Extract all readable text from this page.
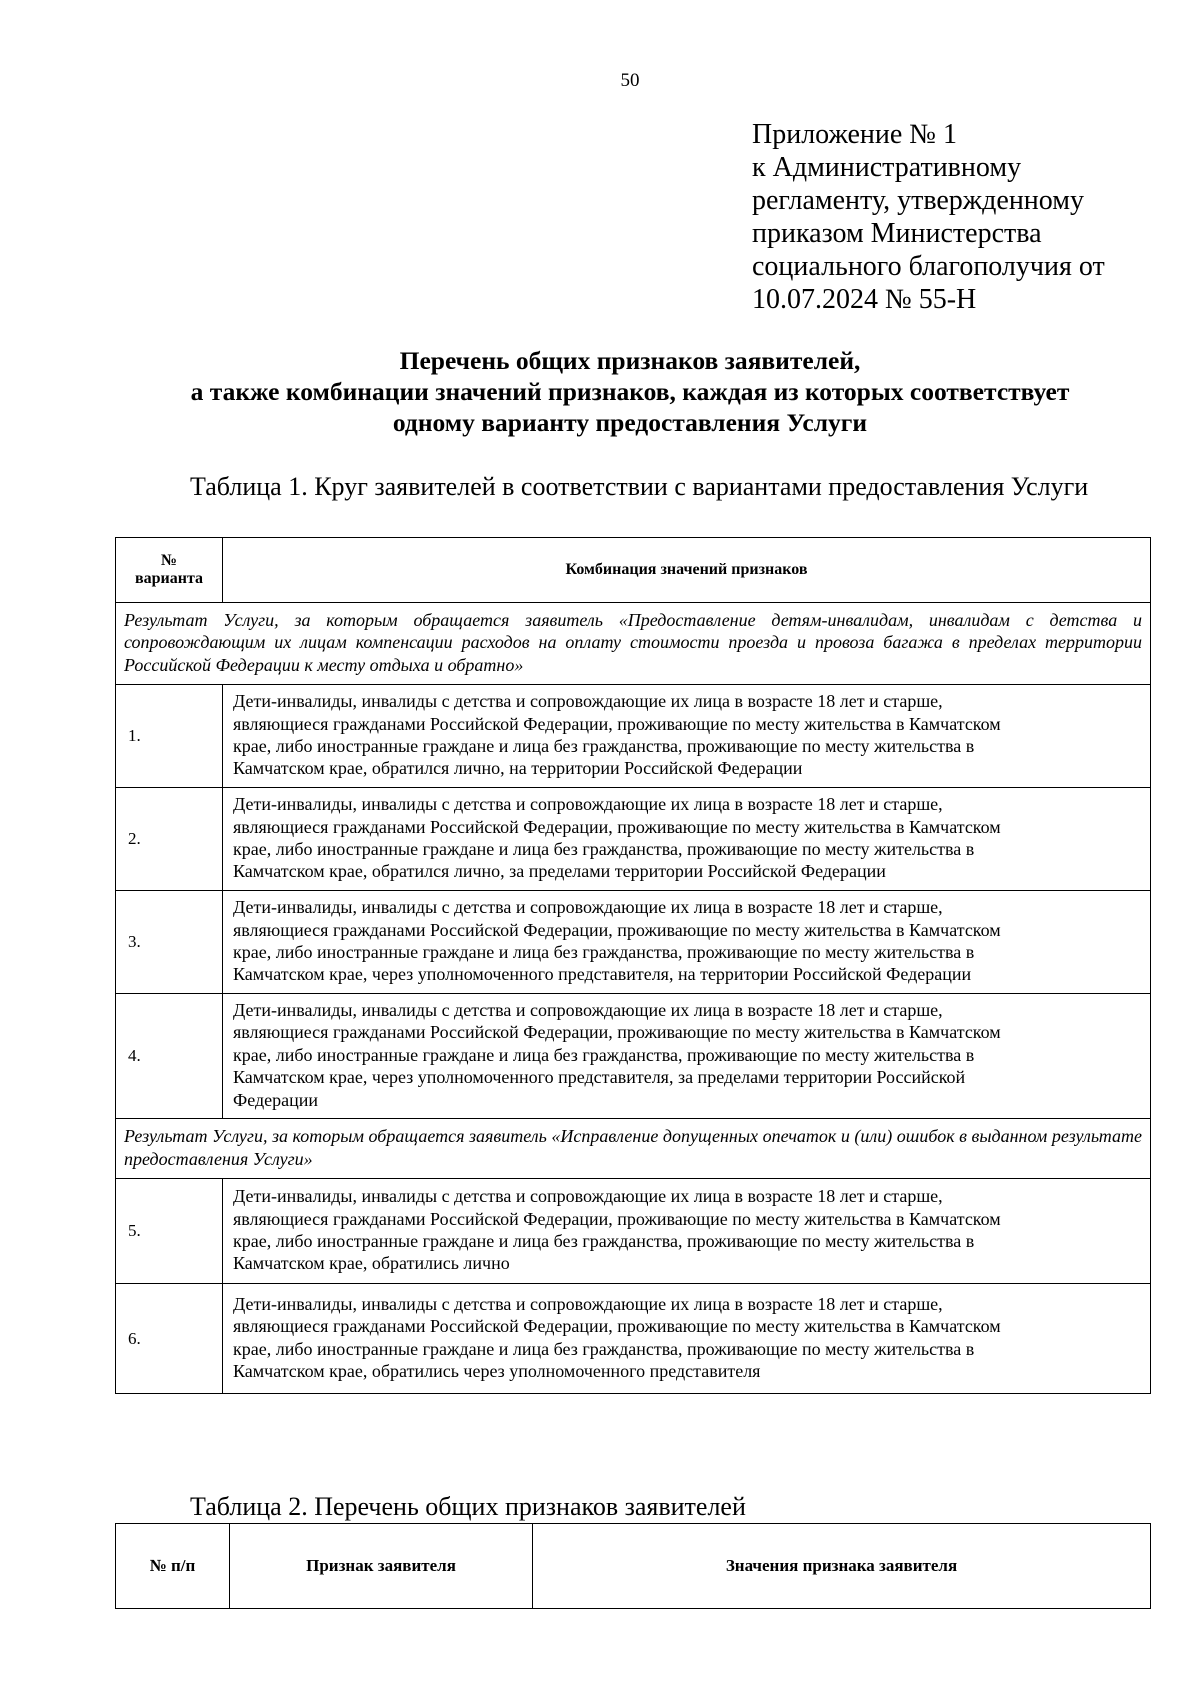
50
Приложение № 1
к Административному
регламенту, утвержденному
приказом Министерства
социального благополучия от
10.07.2024 № 55-Н
Перечень общих признаков заявителей,
а также комбинации значений признаков, каждая из которых соответствует
одному варианту предоставления Услуги
Таблица 1. Круг заявителей в соответствии с вариантами предоставления Услуги
№
варианта	Комбинация значений признаков
Результат Услуги, за которым обращается заявитель «Предоставление детям-инвалидам, инвалидам с детства и сопровождающим их лицам компенсации расходов на оплату стоимости проезда и провоза багажа в пределах территории Российской Федерации к месту отдыха и обратно»	
1.	Дети-инвалиды, инвалиды с детства и сопровождающие их лица в возрасте 18 лет и старше,
являющиеся гражданами Российской Федерации, проживающие по месту жительства в Камчатском
крае, либо иностранные граждане и лица без гражданства, проживающие по месту жительства в
Камчатском крае, обратился лично, на территории Российской Федерации

2.	Дети-инвалиды, инвалиды с детства и сопровождающие их лица в возрасте 18 лет и старше,
являющиеся гражданами Российской Федерации, проживающие по месту жительства в Камчатском
крае, либо иностранные граждане и лица без гражданства, проживающие по месту жительства в
Камчатском крае, обратился лично, за пределами территории Российской Федерации

3.	Дети-инвалиды, инвалиды с детства и сопровождающие их лица в возрасте 18 лет и старше,
являющиеся гражданами Российской Федерации, проживающие по месту жительства в Камчатском
крае, либо иностранные граждане и лица без гражданства, проживающие по месту жительства в
Камчатском крае, через уполномоченного представителя, на территории Российской Федерации

4.	Дети-инвалиды, инвалиды с детства и сопровождающие их лица в возрасте 18 лет и старше,
являющиеся гражданами Российской Федерации, проживающие по месту жительства в Камчатском
крае, либо иностранные граждане и лица без гражданства, проживающие по месту жительства в
Камчатском крае, через уполномоченного представителя, за пределами территории Российской
Федерации

Результат Услуги, за которым обращается заявитель «Исправление допущенных опечаток и (или) ошибок в выданном результате предоставления Услуги»	
5.	Дети-инвалиды, инвалиды с детства и сопровождающие их лица в возрасте 18 лет и старше,
являющиеся гражданами Российской Федерации, проживающие по месту жительства в Камчатском
крае, либо иностранные граждане и лица без гражданства, проживающие по месту жительства в
Камчатском крае, обратились лично

6.	Дети-инвалиды, инвалиды с детства и сопровождающие их лица в возрасте 18 лет и старше,
являющиеся гражданами Российской Федерации, проживающие по месту жительства в Камчатском
крае, либо иностранные граждане и лица без гражданства, проживающие по месту жительства в
Камчатском крае, обратились через уполномоченного представителя
Таблица 2. Перечень общих признаков заявителей
№ п/п	Признак заявителя	Значения признака заявителя
